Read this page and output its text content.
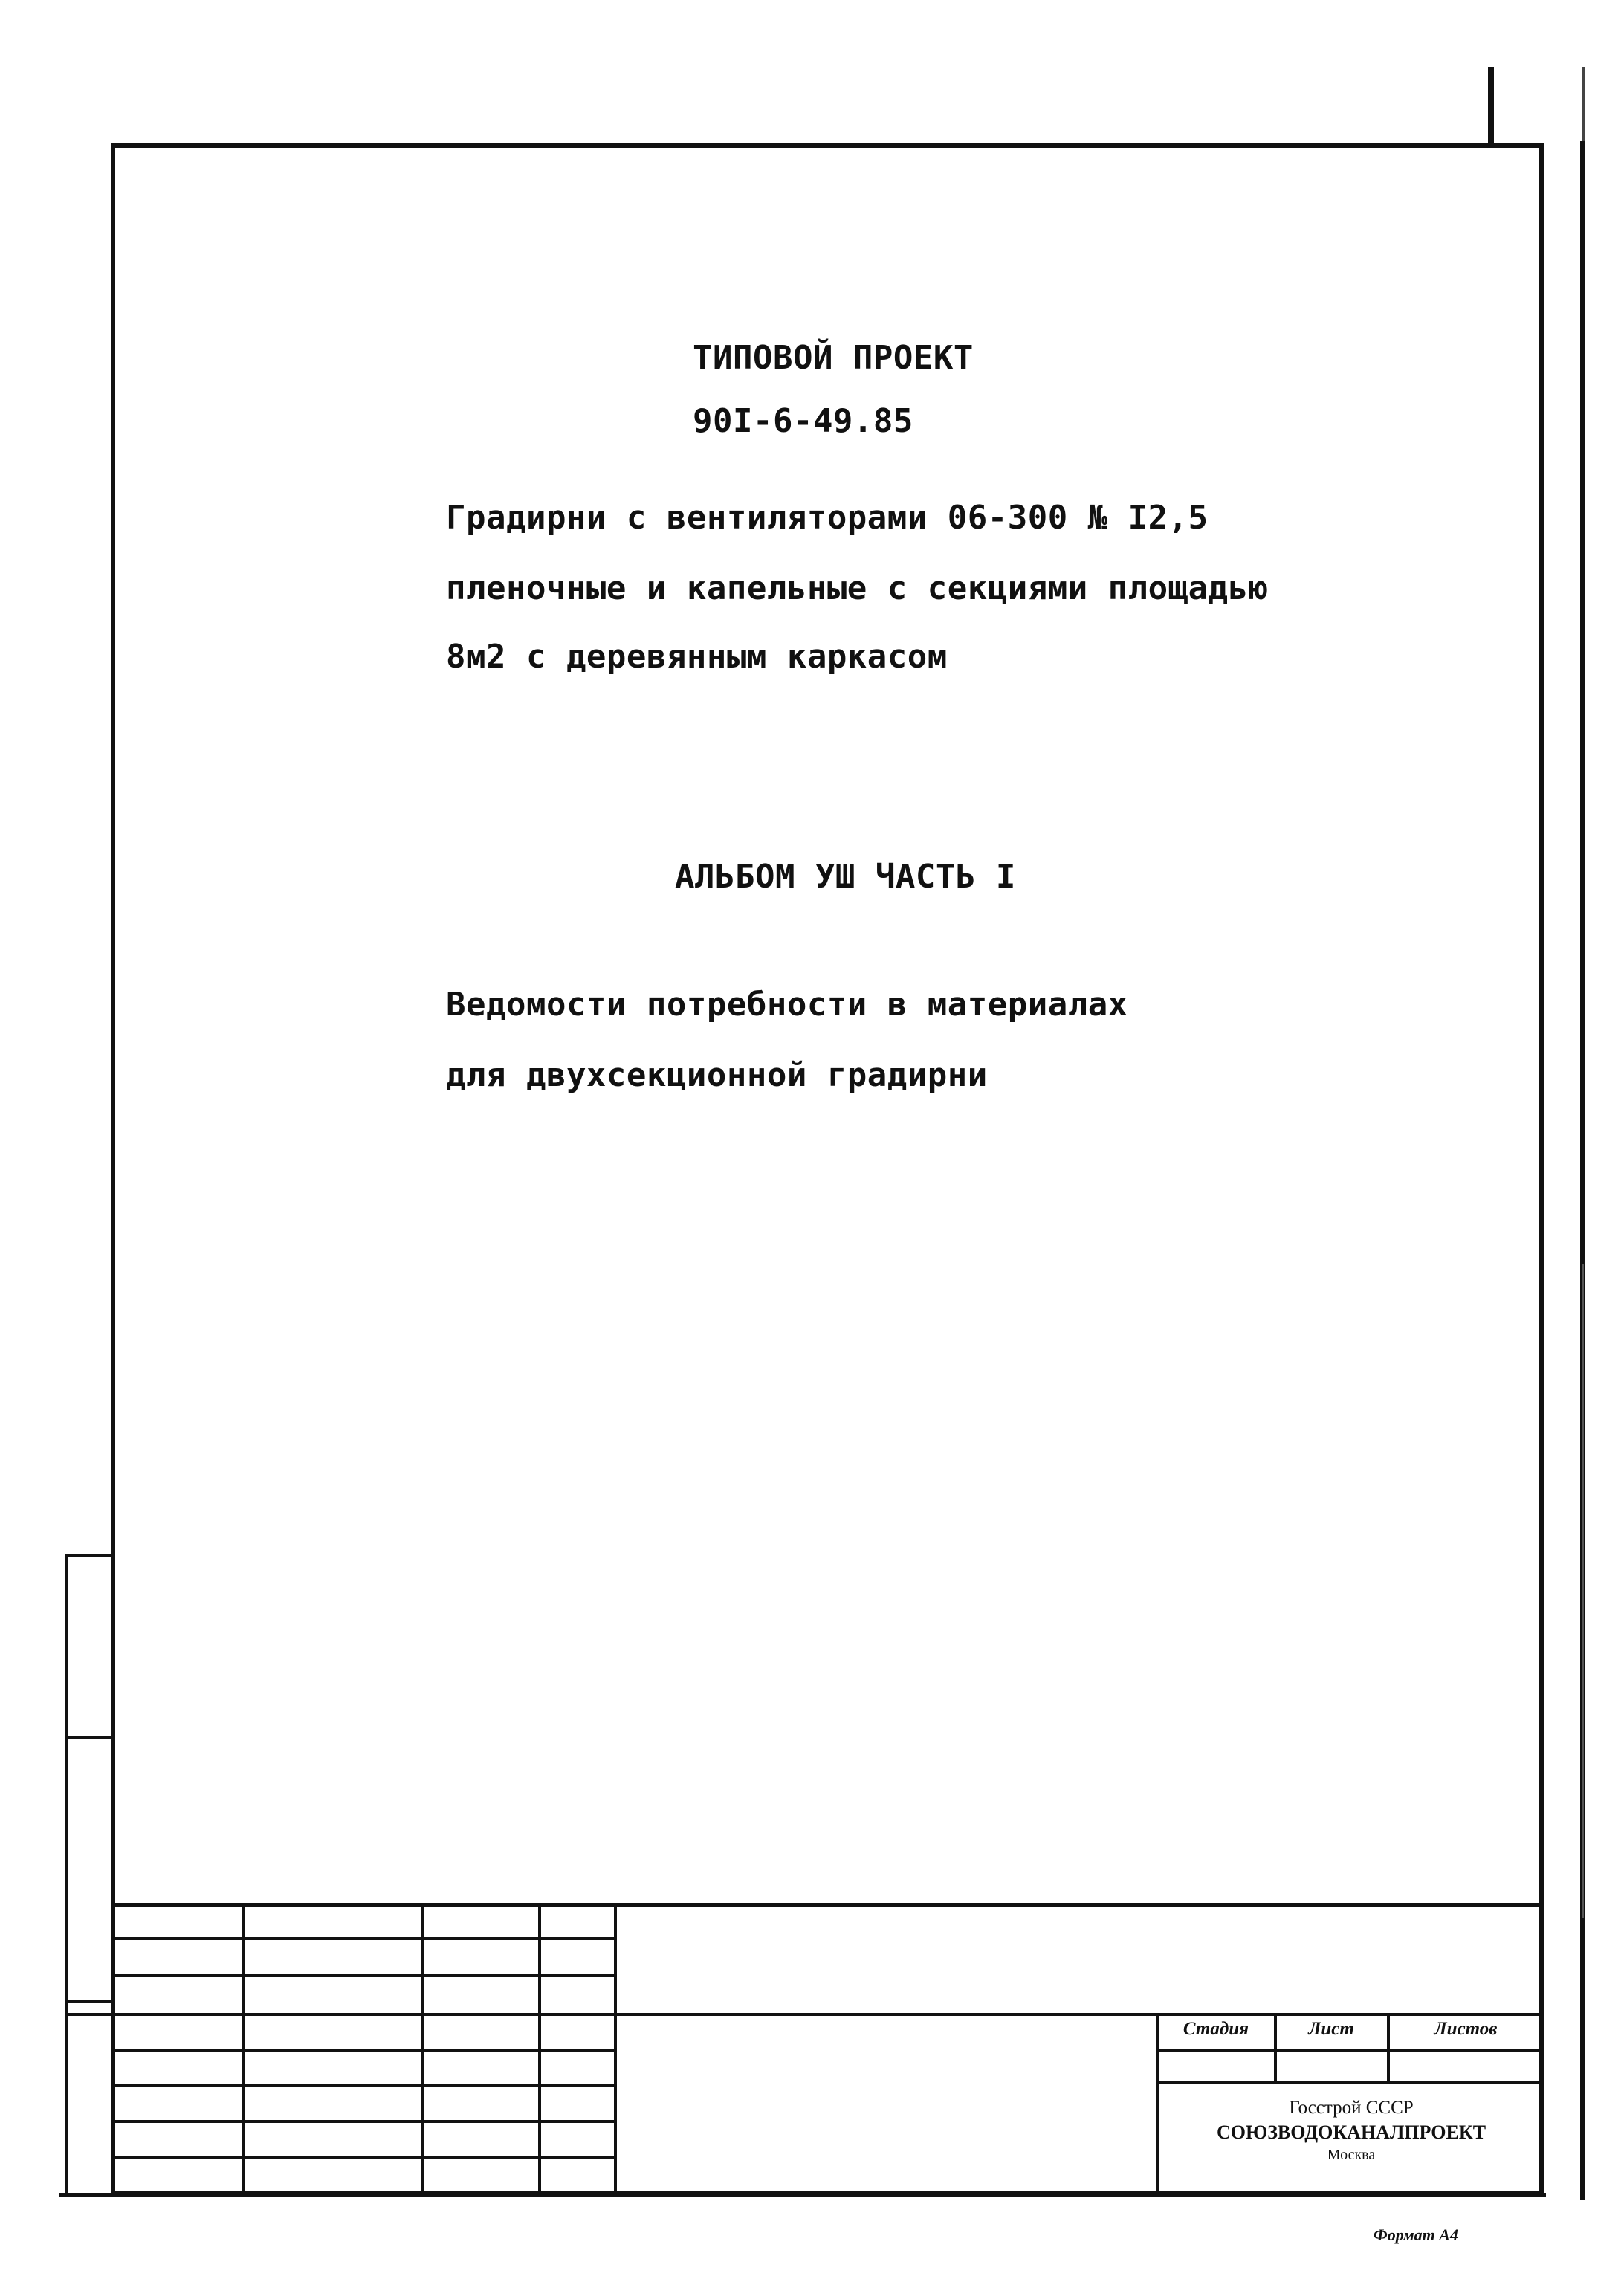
ТИПОВОЙ ПРОЕКТ
90I-6-49.85
Градирни с вентиляторами 06-300 № I2,5
пленочные и капельные с секциями площадью
8м2 с деревянным каркасом
АЛЬБОМ УШ ЧАСТЬ I
Ведомости потребности в материалах
для двухсекционной градирни
Стадия	Лист	Листов
Госстрой СССР
СОЮЗВОДОКАНАЛПРОЕКТ
Москва
Формат А4
